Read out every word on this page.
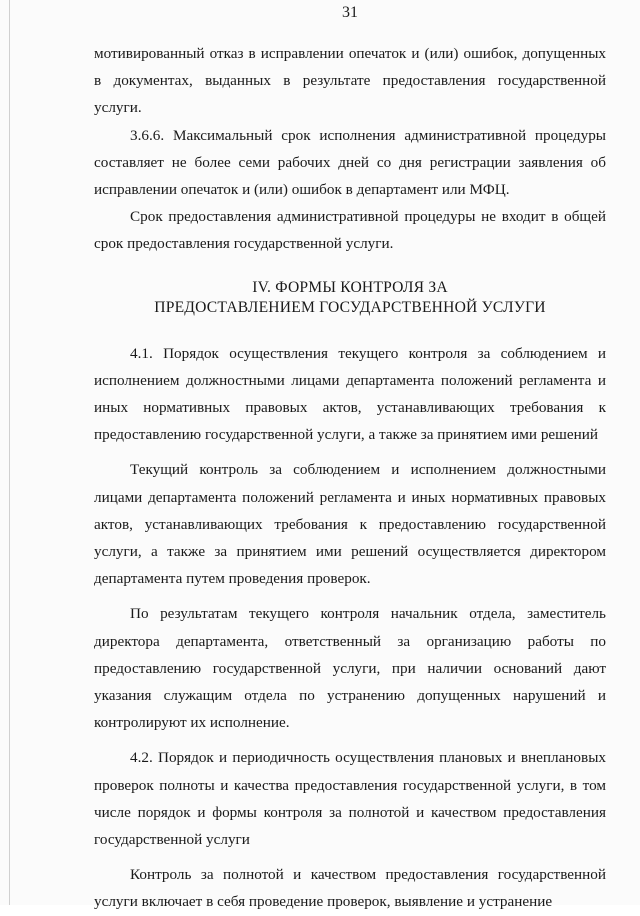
31

мотивированный отказ в исправлении опечаток и (или) ошибок, допущенных в документах, выданных в результате предоставления государственной услуги.

3.6.6. Максимальный срок исполнения административной процедуры составляет не более семи рабочих дней со дня регистрации заявления об исправлении опечаток и (или) ошибок в департамент или МФЦ.

Срок предоставления административной процедуры не входит в общей срок предоставления государственной услуги.

IV. ФОРМЫ КОНТРОЛЯ ЗА
ПРЕДОСТАВЛЕНИЕМ ГОСУДАРСТВЕННОЙ УСЛУГИ

4.1. Порядок осуществления текущего контроля за соблюдением и исполнением должностными лицами департамента положений регламента и иных нормативных правовых актов, устанавливающих требования к предоставлению государственной услуги, а также за принятием ими решений

Текущий контроль за соблюдением и исполнением должностными лицами департамента положений регламента и иных нормативных правовых актов, устанавливающих требования к предоставлению государственной услуги, а также за принятием ими решений осуществляется директором департамента путем проведения проверок.

По результатам текущего контроля начальник отдела, заместитель директора департамента, ответственный за организацию работы по предоставлению государственной услуги, при наличии оснований дают указания служащим отдела по устранению допущенных нарушений и контролируют их исполнение.

4.2. Порядок и периодичность осуществления плановых и внеплановых проверок полноты и качества предоставления государственной услуги, в том числе порядок и формы контроля за полнотой и качеством предоставления государственной услуги

Контроль за полнотой и качеством предоставления государственной услуги включает в себя проведение проверок, выявление и устранение
